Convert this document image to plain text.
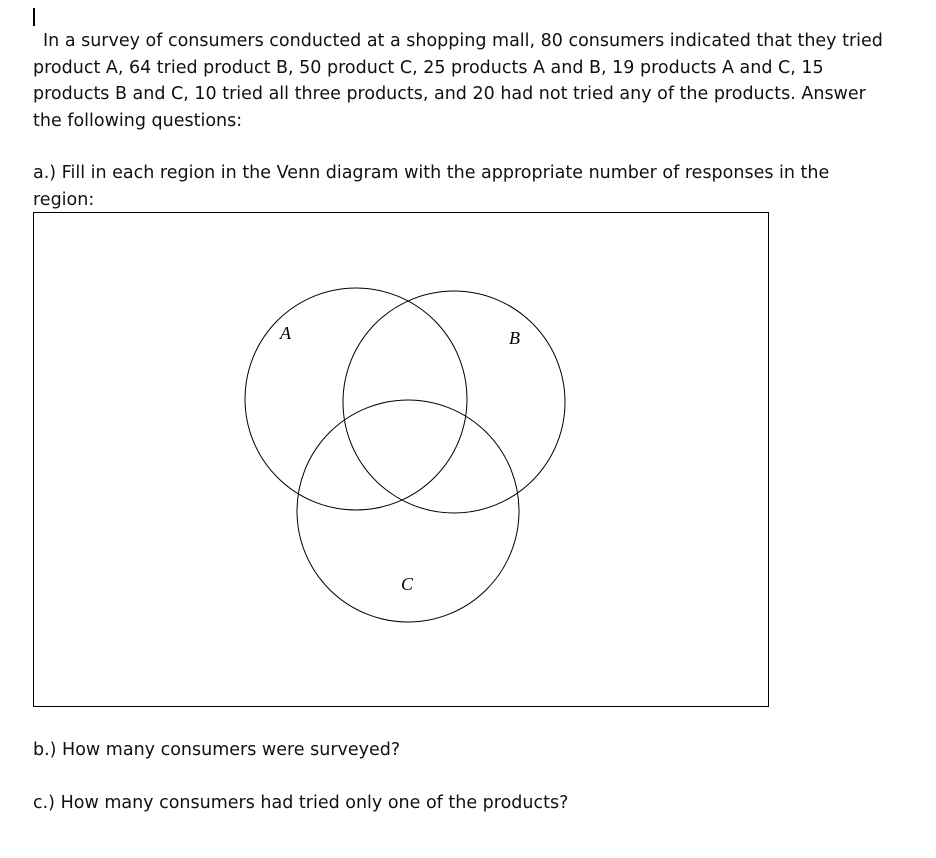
In a survey of consumers conducted at a shopping mall, 80 consumers indicated that they tried
product A, 64 tried product B, 50 product C, 25 products A and B, 19 products A and C, 15
products B and C, 10 tried all three products, and 20 had not tried any of the products. Answer
the following questions:

a.) Fill in each region in the Venn diagram with the appropriate number of responses in the
region:

A	B
C

b.) How many consumers were surveyed?

c.) How many consumers had tried only one of the products?
